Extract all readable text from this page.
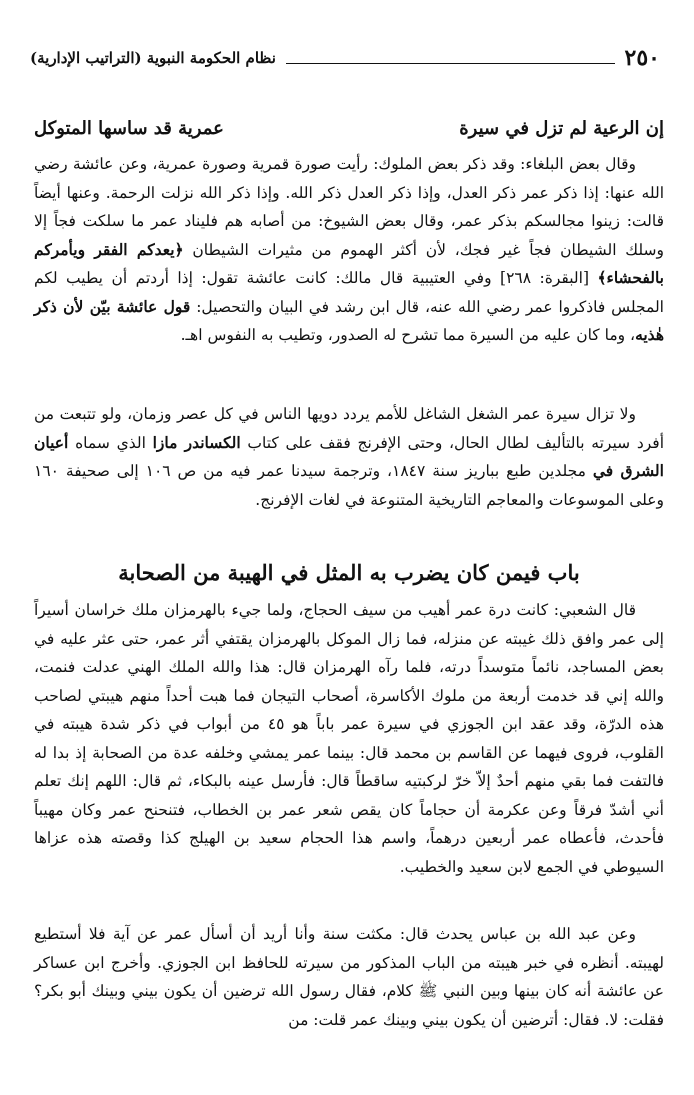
٢٥٠
نظام الحكومة النبوية (التراتيب الإدارية)
إن الرعية لم تزل في سيرة
عمرية قد ساسها المتوكل

وقال بعض البلغاء: وقد ذكر بعض الملوك: رأيت صورة قمرية وصورة عمرية، وعن عائشة رضي الله عنها: إذا ذكر عمر ذكر العدل، وإذا ذكر العدل ذكر الله. وإذا ذكر الله نزلت الرحمة. وعنها أيضاً قالت: زينوا مجالسكم بذكر عمر، وقال بعض الشيوخ: من أصابه هم فليناد عمر ما سلكت فجاً إلا وسلك الشيطان فجاً غير فجك، لأن أكثر الهموم من مثيرات الشيطان ﴿يعدكم الفقر ويأمركم بالفحشاء﴾ [البقرة: ٢٦٨] وفي العتيبية قال مالك: كانت عائشة تقول: إذا أردتم أن يطيب لكم المجلس فاذكروا عمر رضي الله عنه، قال ابن رشد في البيان والتحصيل: قول عائشة بيّن لأن ذكر هٰذيه، وما كان عليه من السيرة مما تشرح له الصدور، وتطيب به النفوس اهـ.

ولا تزال سيرة عمر الشغل الشاغل للأمم يردد دويها الناس في كل عصر وزمان، ولو تتبعت من أفرد سيرته بالتأليف لطال الحال، وحتى الإفرنج فقف على كتاب الكساندر مازا الذي سماه أعيان الشرق في مجلدين طبع بباريز سنة ١٨٤٧، وترجمة سيدنا عمر فيه من ص ١٠٦ إلى صحيفة ١٦٠ وعلى الموسوعات والمعاجم التاريخية المتنوعة في لغات الإفرنج.

باب فيمن كان يضرب به المثل في الهيبة من الصحابة

قال الشعبي: كانت درة عمر أهيب من سيف الحجاج، ولما جيء بالهرمزان ملك خراسان أسيراً إلى عمر وافق ذلك غيبته عن منزله، فما زال الموكل بالهرمزان يقتفي أثر عمر، حتى عثر عليه في بعض المساجد، نائماً متوسداً درته، فلما رآه الهرمزان قال: هذا والله الملك الهني عدلت فنمت، والله إني قد خدمت أربعة من ملوك الأكاسرة، أصحاب التيجان فما هبت أحداً منهم هيبتي لصاحب هذه الدرّة، وقد عقد ابن الجوزي في سيرة عمر باباً هو ٤٥ من أبواب في ذكر شدة هيبته في القلوب، فروى فيهما عن القاسم بن محمد قال: بينما عمر يمشي وخلفه عدة من الصحابة إذ بدا له فالتفت فما بقي منهم أحدٌ إلاّ خرّ لركبتيه ساقطاً قال: فأرسل عينه بالبكاء، ثم قال: اللهم إنك تعلم أني أشدّ فرقاً وعن عكرمة أن حجاماً كان يقص شعر عمر بن الخطاب، فتنحنح عمر وكان مهيباً فأحدث، فأعطاه عمر أربعين درهماً، واسم هذا الحجام سعيد بن الهيلج كذا وقصته هذه عزاها السيوطي في الجمع لابن سعيد والخطيب.

وعن عبد الله بن عباس يحدث قال: مكثت سنة وأنا أريد أن أسأل عمر عن آية فلا أستطيع لهيبته. أنظره في خبر هيبته من الباب المذكور من سيرته للحافظ ابن الجوزي. وأخرج ابن عساكر عن عائشة أنه كان بينها وبين النبي ﷺ كلام، فقال رسول الله ترضين أن يكون بيني وبينك أبو بكر؟ فقلت: لا. فقال: أترضين أن يكون بيني وبينك عمر قلت: من
